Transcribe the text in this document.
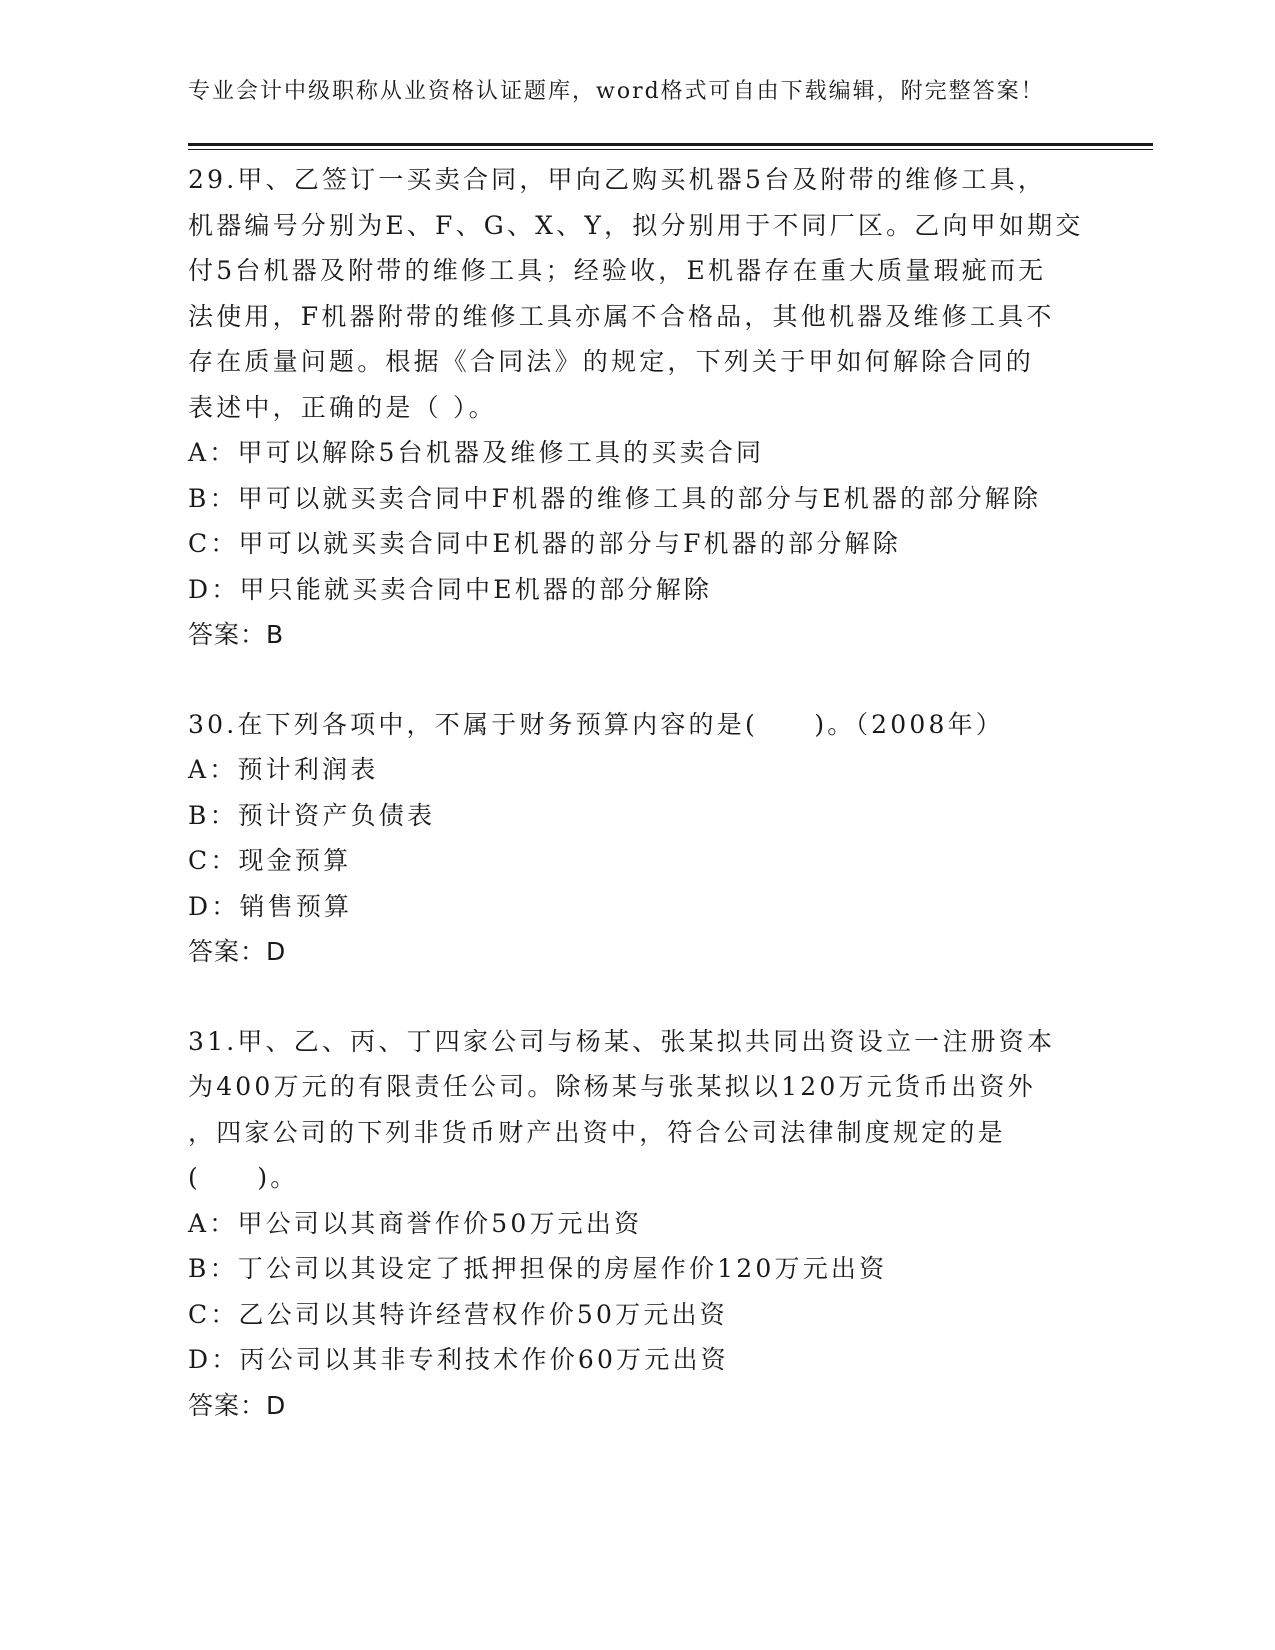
专业会计中级职称从业资格认证题库，word格式可自由下载编辑，附完整答案！
29.甲、乙签订一买卖合同，甲向乙购买机器5台及附带的维修工具，
机器编号分别为E、F、G、X、Y，拟分别用于不同厂区。乙向甲如期交
付5台机器及附带的维修工具；经验收，E机器存在重大质量瑕疵而无
法使用，F机器附带的维修工具亦属不合格品，其他机器及维修工具不
存在质量问题。根据《合同法》的规定，下列关于甲如何解除合同的
表述中，正确的是（ ）。
A：甲可以解除5台机器及维修工具的买卖合同
B：甲可以就买卖合同中F机器的维修工具的部分与E机器的部分解除
C：甲可以就买卖合同中E机器的部分与F机器的部分解除
D：甲只能就买卖合同中E机器的部分解除
答案：B
30.在下列各项中，不属于财务预算内容的是(　　)。（2008年）
A：预计利润表
B：预计资产负债表
C：现金预算
D：销售预算
答案：D
31.甲、乙、丙、丁四家公司与杨某、张某拟共同出资设立一注册资本
为400万元的有限责任公司。除杨某与张某拟以120万元货币出资外
，四家公司的下列非货币财产出资中，符合公司法律制度规定的是
(　　)。
A：甲公司以其商誉作价50万元出资
B：丁公司以其设定了抵押担保的房屋作价120万元出资
C：乙公司以其特许经营权作价50万元出资
D：丙公司以其非专利技术作价60万元出资
答案：D
